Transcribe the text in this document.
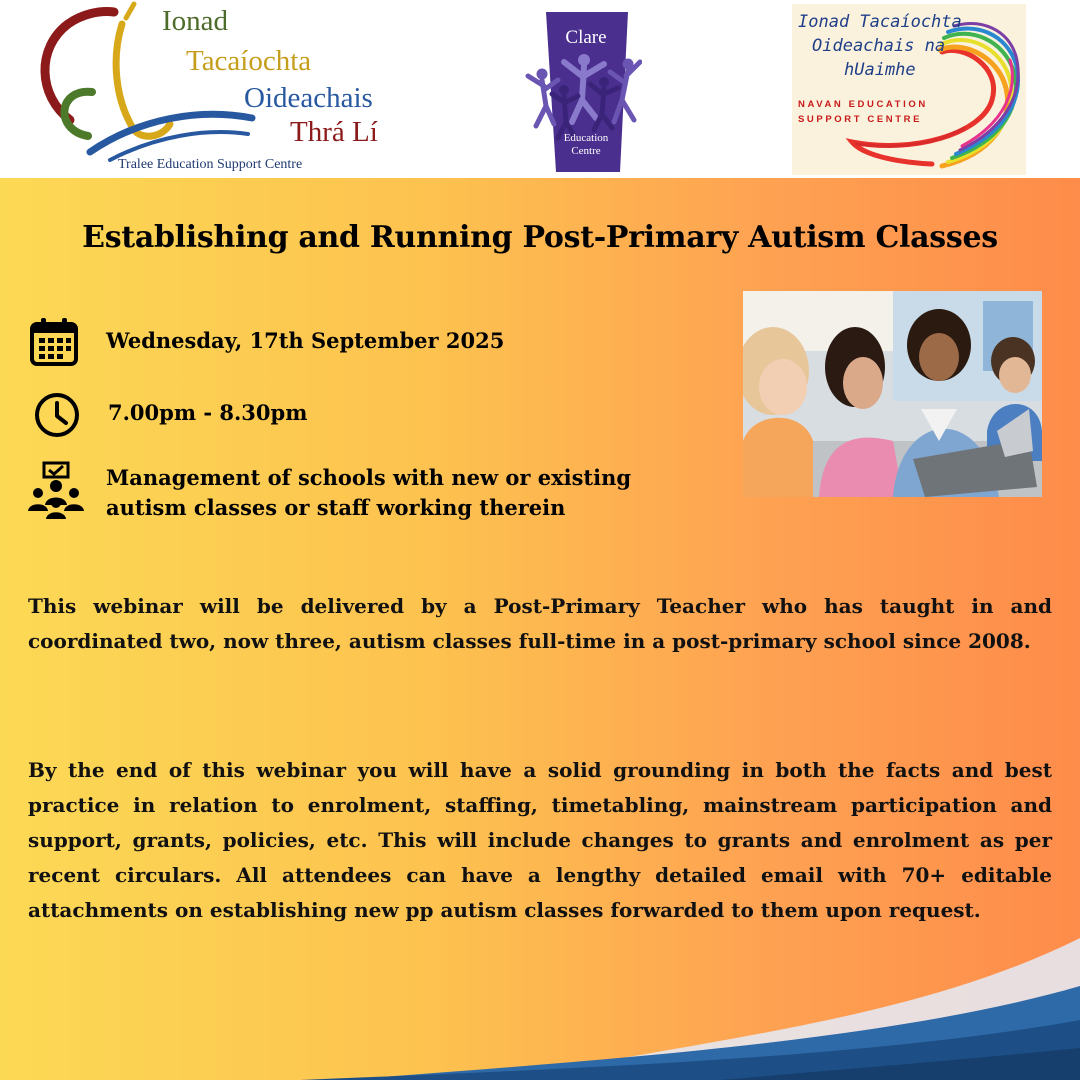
Ionad
Tacaíochta
Oideachais
Thrá Lí
Tralee Education Support Centre
Clare
Education
Centre
Ionad Tacaíochta
Oideachais na
hUaimhe
NAVAN EDUCATION
SUPPORT CENTRE
Establishing and Running Post-Primary Autism Classes
Wednesday, 17th September 2025
7.00pm - 8.30pm
Management of schools with new or existing
autism classes or staff working therein
This webinar will be delivered by a Post-Primary Teacher who has taught in and coordinated two, now three, autism classes full-time in a post-primary school since 2008.
By the end of this webinar you will have a solid grounding in both the facts and best practice in relation to enrolment, staffing, timetabling, mainstream participation and support, grants, policies, etc. This will include changes to grants and enrolment as per recent circulars. All attendees can have a lengthy detailed email with 70+ editable attachments on establishing new pp autism classes forwarded to them upon request.
